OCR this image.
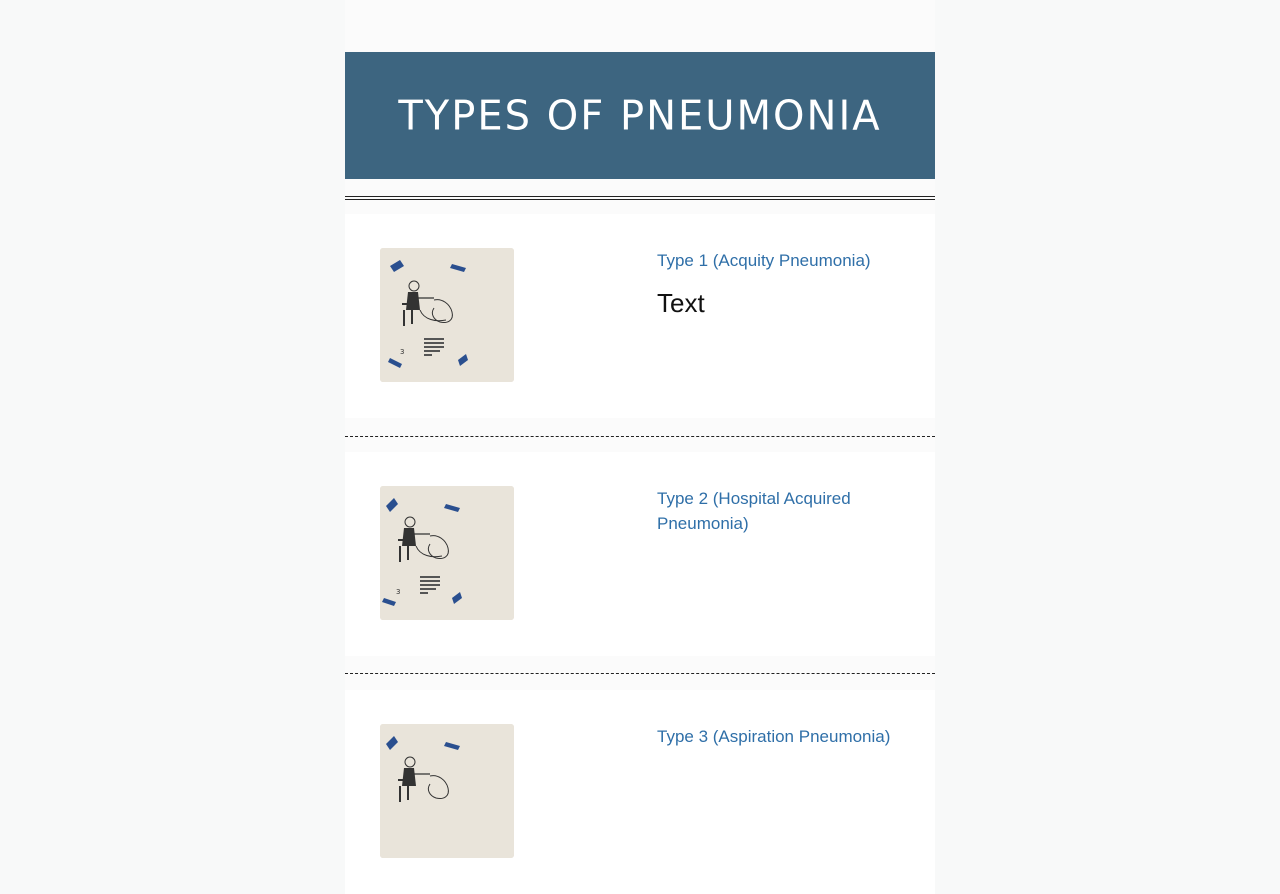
TYPES OF PNEUMONIA
3
Type 1 (Acquity Pneumonia)
Text
3
Type 2 (Hospital Acquired Pneumonia)
Type 3 (Aspiration Pneumonia)
